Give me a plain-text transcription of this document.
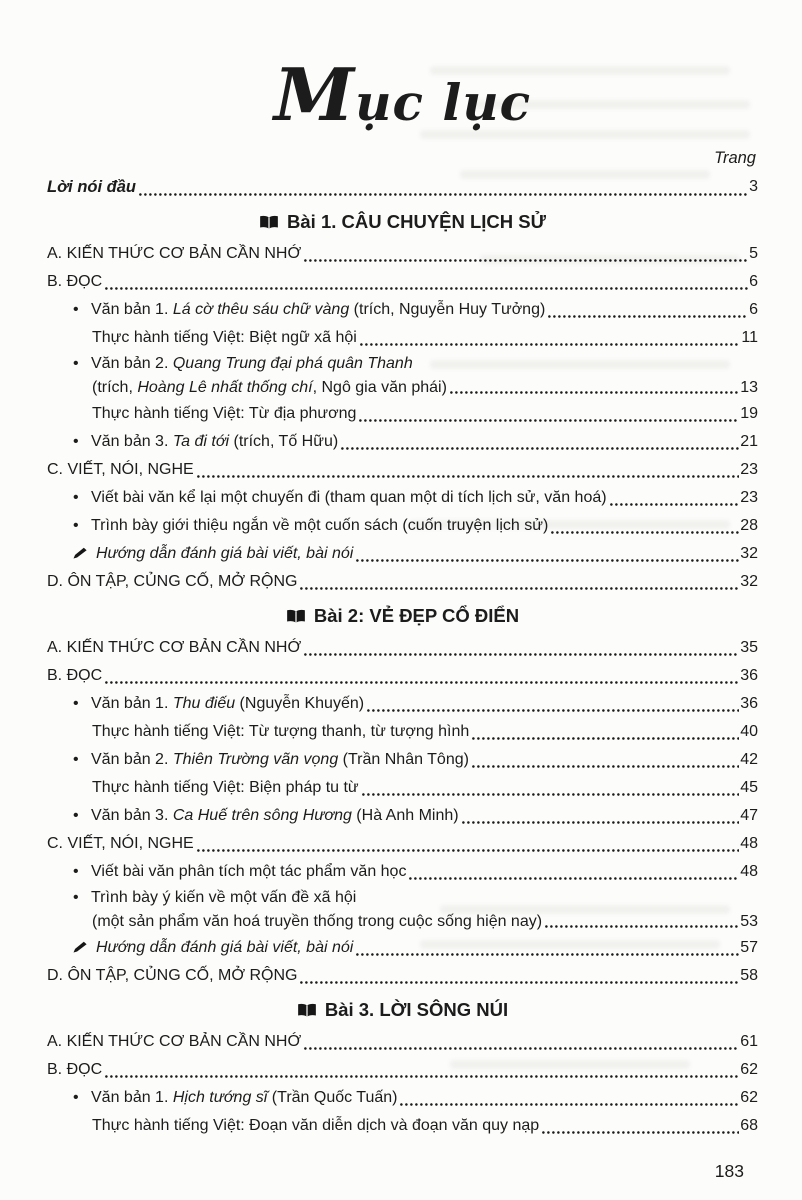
Mục lục
Trang
Lời nói đầu	3
Bài 1. CÂU CHUYỆN LỊCH SỬ
A. KIẾN THỨC CƠ BẢN CẦN NHỚ	5
B. ĐỌC	6
• Văn bản 1. Lá cờ thêu sáu chữ vàng (trích, Nguyễn Huy Tưởng)	6
Thực hành tiếng Việt: Biệt ngữ xã hội	11
• Văn bản 2. Quang Trung đại phá quân Thanh
(trích, Hoàng Lê nhất thống chí, Ngô gia văn phái)	13
Thực hành tiếng Việt: Từ địa phương	19
• Văn bản 3. Ta đi tới (trích, Tố Hữu)	21
C. VIẾT, NÓI, NGHE	23
• Viết bài văn kể lại một chuyến đi (tham quan một di tích lịch sử, văn hoá)	23
• Trình bày giới thiệu ngắn về một cuốn sách (cuốn truyện lịch sử)	28
Hướng dẫn đánh giá bài viết, bài nói	32
D. ÔN TẬP, CỦNG CỐ, MỞ RỘNG	32
Bài 2: VẺ ĐẸP CỔ ĐIỂN
A. KIẾN THỨC CƠ BẢN CẦN NHỚ	35
B. ĐỌC	36
• Văn bản 1. Thu điếu (Nguyễn Khuyến)	36
Thực hành tiếng Việt: Từ tượng thanh, từ tượng hình	40
• Văn bản 2. Thiên Trường vãn vọng (Trần Nhân Tông)	42
Thực hành tiếng Việt: Biện pháp tu từ	45
• Văn bản 3. Ca Huế trên sông Hương (Hà Anh Minh)	47
C. VIẾT, NÓI, NGHE	48
• Viết bài văn phân tích một tác phẩm văn học	48
• Trình bày ý kiến về một vấn đề xã hội
(một sản phẩm văn hoá truyền thống trong cuộc sống hiện nay)	53
Hướng dẫn đánh giá bài viết, bài nói	57
D. ÔN TẬP, CỦNG CỐ, MỞ RỘNG	58
Bài 3. LỜI SÔNG NÚI
A. KIẾN THỨC CƠ BẢN CẦN NHỚ	61
B. ĐỌC	62
• Văn bản 1. Hịch tướng sĩ (Trần Quốc Tuấn)	62
Thực hành tiếng Việt: Đoạn văn diễn dịch và đoạn văn quy nạp	68
183
